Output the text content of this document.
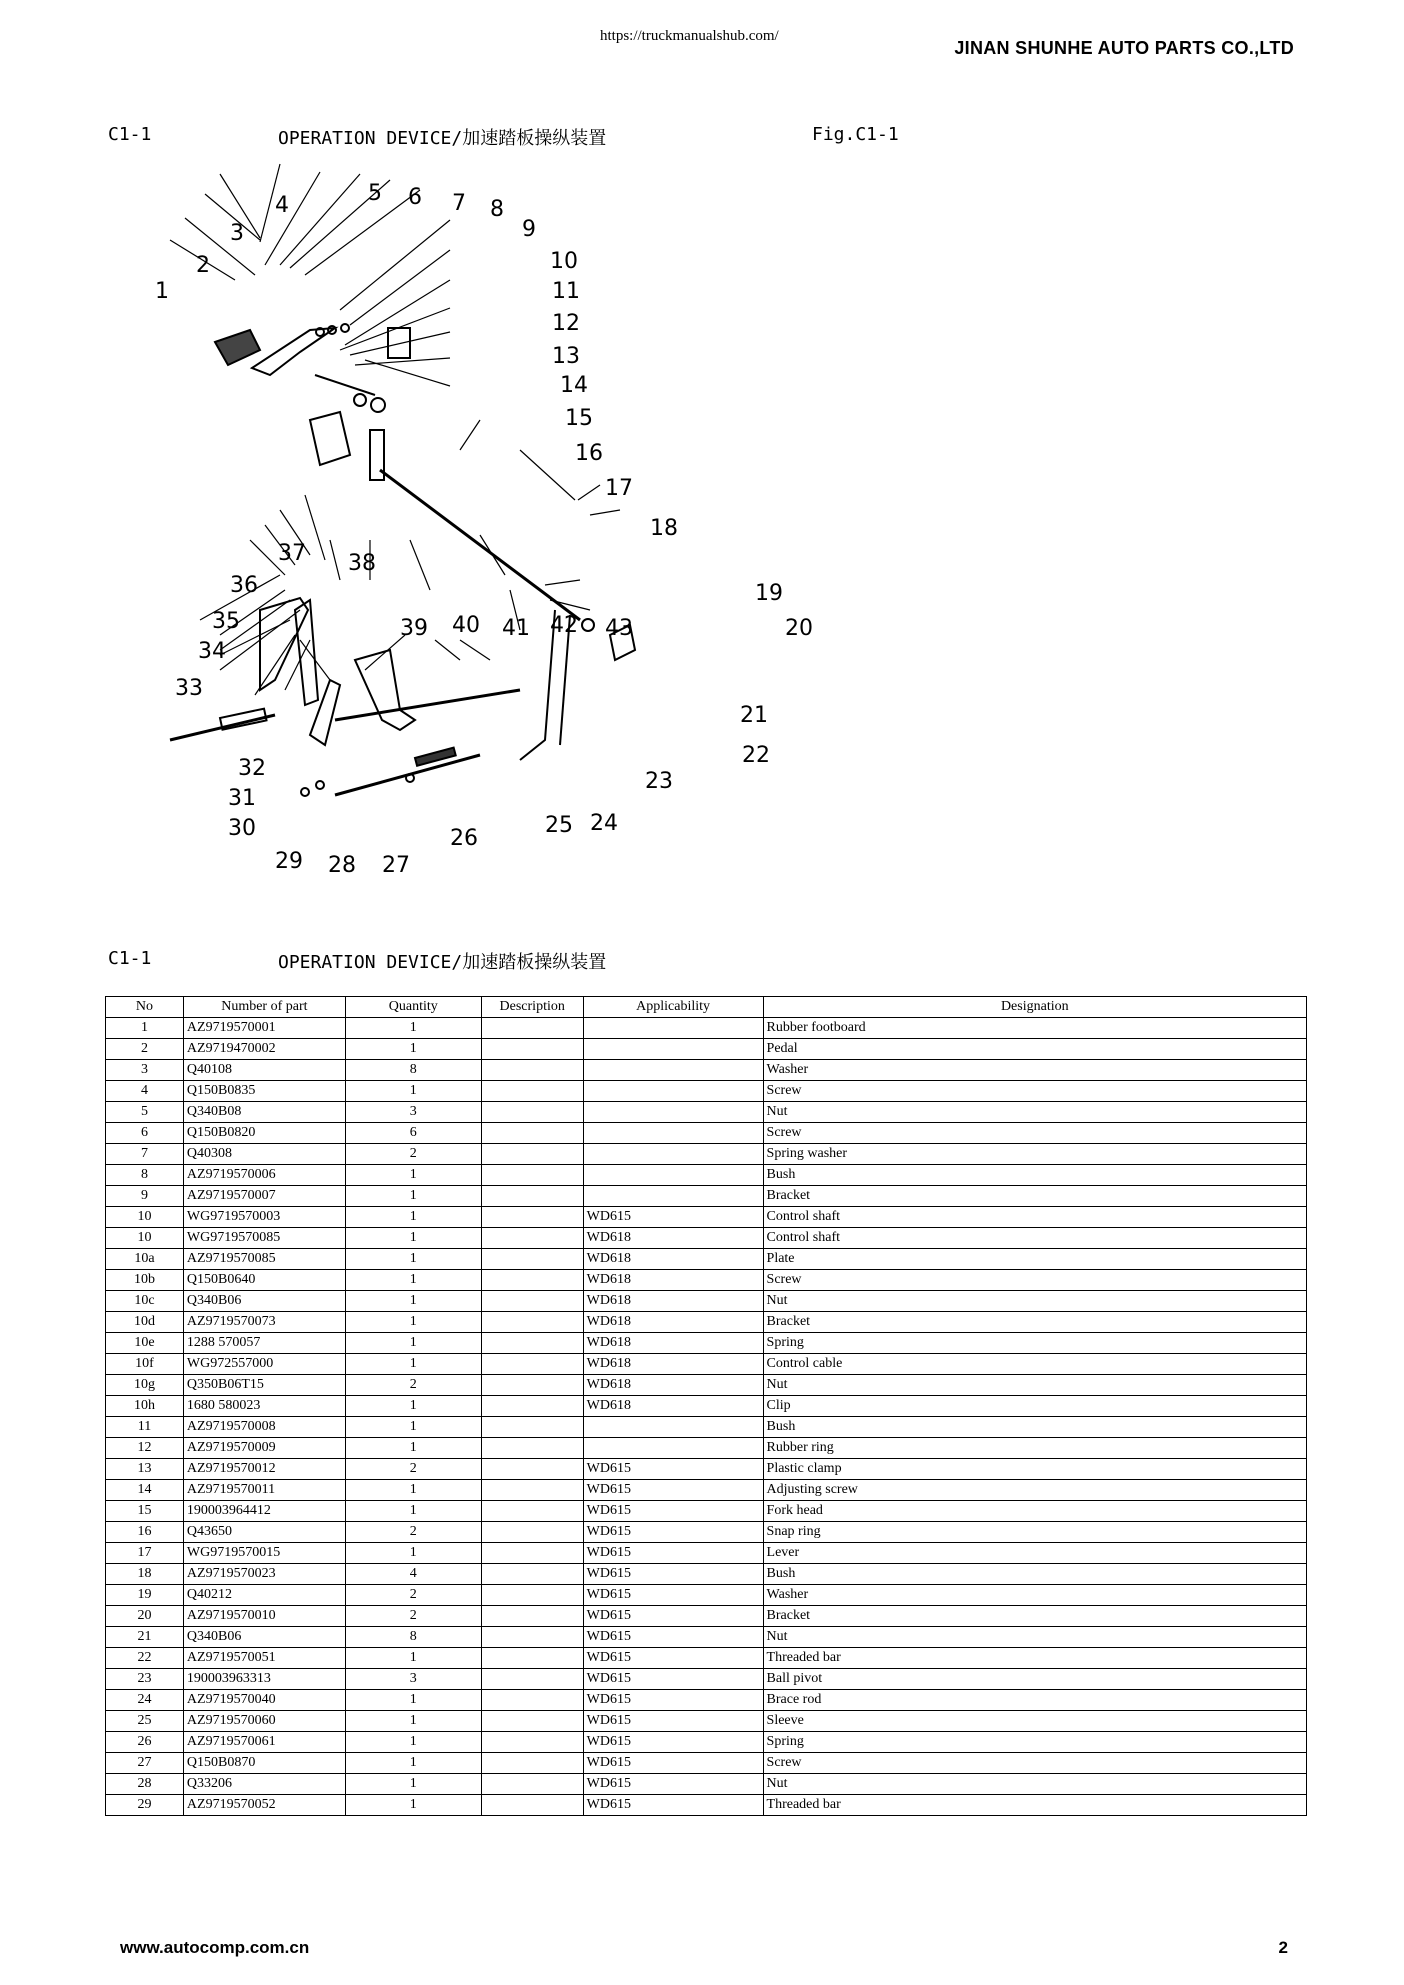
https://truckmanualshub.com/
JINAN SHUNHE AUTO PARTS CO.,LTD
C1-1	OPERATION DEVICE/加速踏板操纵装置	Fig.C1-1
1
2
3
4	5 6 7 8
9
10
11
12
13
14
15
16
17
18
19
20
21
22
23
24
25
26
27
28
29
30
31
32
33
34
35
36
37 38
39 40 41 42 43
C1-1	OPERATION DEVICE/加速踏板操纵装置
No	Number of part	Quantity	Description	Applicability	Designation
1	AZ9719570001	1			Rubber footboard
2	AZ9719470002	1			Pedal
3	Q40108	8			Washer
4	Q150B0835	1			Screw
5	Q340B08	3			Nut
6	Q150B0820	6			Screw
7	Q40308	2			Spring washer
8	AZ9719570006	1			Bush
9	AZ9719570007	1			Bracket
10	WG9719570003	1		WD615	Control shaft
10	WG9719570085	1		WD618	Control shaft
10a	AZ9719570085	1		WD618	Plate
10b	Q150B0640	1		WD618	Screw
10c	Q340B06	1		WD618	Nut
10d	AZ9719570073	1		WD618	Bracket
10e	1288 570057	1		WD618	Spring
10f	WG972557000	1		WD618	Control cable
10g	Q350B06T15	2		WD618	Nut
10h	1680 580023	1		WD618	Clip
11	AZ9719570008	1			Bush
12	AZ9719570009	1			Rubber ring
13	AZ9719570012	2		WD615	Plastic clamp
14	AZ9719570011	1		WD615	Adjusting screw
15	190003964412	1		WD615	Fork head
16	Q43650	2		WD615	Snap ring
17	WG9719570015	1		WD615	Lever
18	AZ9719570023	4		WD615	Bush
19	Q40212	2		WD615	Washer
20	AZ9719570010	2		WD615	Bracket
21	Q340B06	8		WD615	Nut
22	AZ9719570051	1		WD615	Threaded bar
23	190003963313	3		WD615	Ball pivot
24	AZ9719570040	1		WD615	Brace rod
25	AZ9719570060	1		WD615	Sleeve
26	AZ9719570061	1		WD615	Spring
27	Q150B0870	1		WD615	Screw
28	Q33206	1		WD615	Nut
29	AZ9719570052	1		WD615	Threaded bar
www.autocomp.com.cn	2
